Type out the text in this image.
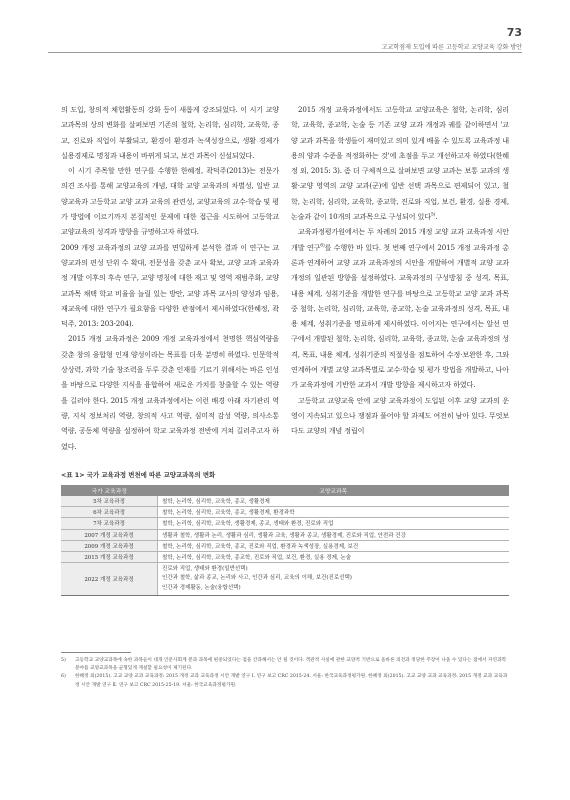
73
고교학점제 도입에 따른 고등학교 교양교육 강화 방안

의 도입, 창의적 체험활동의 강화 등이 새롭게 강조되었다. 이 시기 교양 교과목의 상의 변화를 살펴보면 기존의 철학, 논리학, 심리학, 교육학, 종교, 진로와 직업이 부활되고, 환경이 환경과 녹색성장으로, 생활 경제가 실용경제로 명칭과 내용이 바뀌게 되고, 보건 과목이 신설되었다.

이 시기 주목할 만한 연구를 수행한 한혜정, 곽덕주(2013)는 전문가 의견 조사를 통해 교양교육의 개념, 대학 교양 교육과의 차별성, 일반 교양교육과 고등학교 교양 교과 교육의 관련성, 교양교육의 교수·학습 및 평가 방법에 이르기까지 본질적인 문제에 대한 접근을 시도하여 고등학교 교양교육의 성격과 방향을 규명하고자 하였다.

2009 개정 교육과정의 교양 교과를 면밀하게 분석한 결과 이 연구는 교양교과의 편성 단위 수 확대, 전문성을 갖춘 교사 확보, 교양 교과 교육과정 개발 이후의 후속 연구, 교양 명칭에 대한 재고 및 영역 재범주화, 교양 교과목 채택 학교 비율을 늘릴 있는 방안, 교양 과목 교사의 양성과 임용, 재교육에 대한 연구가 필요함을 다양한 관점에서 제시하였다(한혜정, 곽덕주, 2013: 203-204).

2015 개정 교육과정은 2009 개정 교육과정에서 천명한 핵심역량을 갖춘 창의 융합형 인재 양성이라는 목표를 더욱 분명히 하였다. 인문학적 상상력, 과학 기술 창조력을 두루 갖춘 인재를 기르기 위해서는 바른 인성을 바탕으로 다양한 지식을 융합하여 새로운 가치를 창출할 수 있는 역량을 길러야 한다. 2015 개정 교육과정에서는 이런 배경 아래 자기관리 역량, 지식 정보처리 역량, 창의적 사고 역량, 심미적 감성 역량, 의사소통 역량, 공동체 역량을 설정하여 학교 교육과정 전반에 거쳐 길러주고자 하였다.

2015 개정 교육과정에서도 고등학교 교양교육은 철학, 논리학, 심리학, 교육학, 종교학, 논술 등 기존 교양 교과 개정과 궤를 같이하면서 '교양 교과 과목을 학생들이 재미있고 의미 있게 배울 수 있도록 교육과정 내용의 양과 수준을 적정화하는 것'에 초점을 두고 개선하고자 하였다(한혜정 외, 2015: 3). 좀 더 구체적으로 살펴보면 교양 교과는 보통 교과의 생활·교양 영역의 교양 교과(군)에 일반 선택 과목으로 편제되어 있고, 철학, 논리학, 심리학, 교육학, 종교학, 진로와 직업, 보건, 환경, 실용 경제, 논술과 같이 10개의 교과목으로 구성되어 있다$^{5)}$.

교육과정평가원에서는 두 차례의 2015 개정 교양 교과 교육과정 시안 개발 연구$^{6)}$를 수행한 바 있다. 첫 번째 연구에서 2015 개정 교육과정 총론과 연계하여 교양 교과 교육과정의 시안을 개발하여 개별적 교양 교과 개정의 일관된 방향을 설정하였다. 교육과정의 구성방침 중 성격, 목표, 내용 체계, 성취기준을 개발한 연구를 바탕으로 고등학교 교양 교과 과목 중 철학, 논리학, 심리학, 교육학, 종교학, 논술 교육과정의 성격, 목표, 내용 체계, 성취기준을 명료하게 제시하였다. 이어지는 연구에서는 앞선 연구에서 개발된 철학, 논리학, 심리학, 교육학, 종교학, 논술 교육과정의 성격, 목표, 내용 체계, 성취기준의 적절성을 점토하여 수정·보완한 후, 그와 연계하여 개별 교양 교과목별로 교수·학습 및 평가 방법을 개발하고, 나아가 교육과정에 기반한 교과서 개발 방향을 제시하고자 하였다.

고등학교 교양교육 안에 교양 교육과정이 도입된 이후 교양 교과의 운영이 지속되고 있으나 쟁점과 풀어야 할 과제도 여전히 남아 있다. 무엇보다도 교양의 개념 정립이

<표 1> 국가 교육과정 변천에 따른 교양교과목의 변화
국가 교육과정	교양교과목
5차 교육과정	철학, 논리학, 심리학, 교육학, 종교, 생활경제

6차 교육과정	철학, 논리학, 심리학, 교육학, 종교, 생활경제, 환경과학

7차 교육과정	철학, 논리학, 심리학, 교육학, 생활경제, 종교, 생태와 환경, 진로와 직업

2007 개정 교육과정	생활과 철학, 생활과 논리, 생활과 심리, 생활과 교육, 생활과 종교, 생활경제, 진로와 직업, 안전과 건강

2009 개정 교육과정	철학, 논리학, 심리학, 교육학, 종교, 진로와 직업, 환경과 녹색성장, 실용경제, 보건

2015 개정 교육과정	철학, 논리학, 심리학, 교육학, 종교학, 진로와 직업, 보건, 환경, 실용 경제, 논술

2022 개정 교육과정	진로와 직업, 생태와 환경(일반선택)
인간과 철학, 삶과 종교, 논리와 사고, 인간과 심리, 교육의 이해, 보건(진로선택)
인간과 경제활동, 논술(융합선택)
5)	고등학교 교양교과목에 속한 과목들이 대개 인문사회계 분과 과목에 편중되었다는 점을 간과해서는 안 될 것이다. 객관적 사실에 관한 교양적 기반으로 올바른 의견과 정당한 주장이 나올 수 있다는 점에서 자연과학 분야를 교양교과목을 균형있게 재설할 필요성이 제기된다.
6)	한혜정 외(2015). 고교 교양 교과 교육과정: 2015 개정 교과 교육과정 시안 개발 연구 Ⅰ. 연구 보고 CRC 2015-24. 서울: 한국교육과정평가원. 한혜정 외(2015). 고교 교양 교과 교육과정: 2015 개정 교과 교육과정 시안 개발 연구 Ⅱ. 연구 보고 CRC 2015-25-19. 서울: 한국교육과정평가원.
